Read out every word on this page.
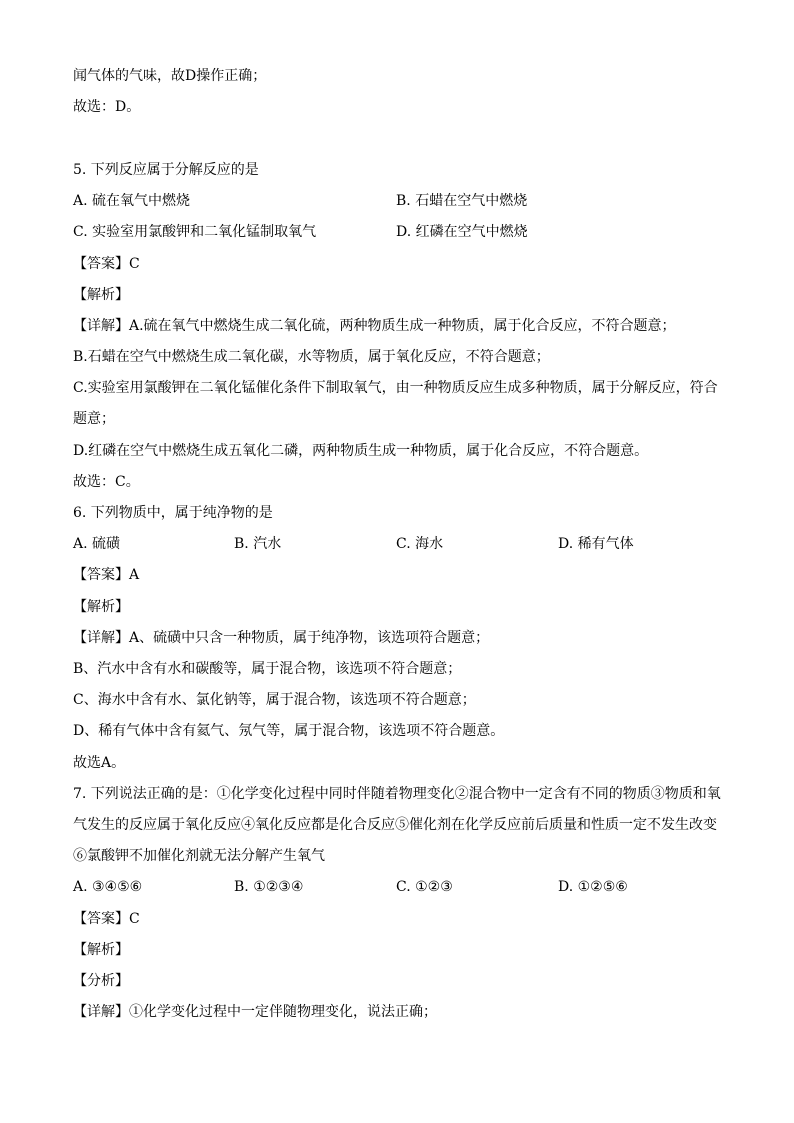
闻气体的气味，故D操作正确；
故选：D。
5. 下列反应属于分解反应的是
A. 硫在氧气中燃烧	B. 石蜡在空气中燃烧
C. 实验室用氯酸钾和二氧化锰制取氧气	D. 红磷在空气中燃烧
【答案】C
【解析】
【详解】A.硫在氧气中燃烧生成二氧化硫，两种物质生成一种物质，属于化合反应，不符合题意；
B.石蜡在空气中燃烧生成二氧化碳，水等物质，属于氧化反应，不符合题意；
C.实验室用氯酸钾在二氧化锰催化条件下制取氧气，由一种物质反应生成多种物质，属于分解反应，符合
题意；
D.红磷在空气中燃烧生成五氧化二磷，两种物质生成一种物质，属于化合反应，不符合题意。
故选：C。
6. 下列物质中，属于纯净物的是
A. 硫磺	B. 汽水	C. 海水	D. 稀有气体
【答案】A
【解析】
【详解】A、硫磺中只含一种物质，属于纯净物，该选项符合题意；
B、汽水中含有水和碳酸等，属于混合物，该选项不符合题意；
C、海水中含有水、氯化钠等，属于混合物，该选项不符合题意；
D、稀有气体中含有氦气、氖气等，属于混合物，该选项不符合题意。
故选A。
7. 下列说法正确的是：①化学变化过程中同时伴随着物理变化②混合物中一定含有不同的物质③物质和氧
气发生的反应属于氧化反应④氧化反应都是化合反应⑤催化剂在化学反应前后质量和性质一定不发生改变
⑥氯酸钾不加催化剂就无法分解产生氧气
A. ③④⑤⑥	B. ①②③④	C. ①②③	D. ①②⑤⑥
【答案】C
【解析】
【分析】
【详解】①化学变化过程中一定伴随物理变化，说法正确；
